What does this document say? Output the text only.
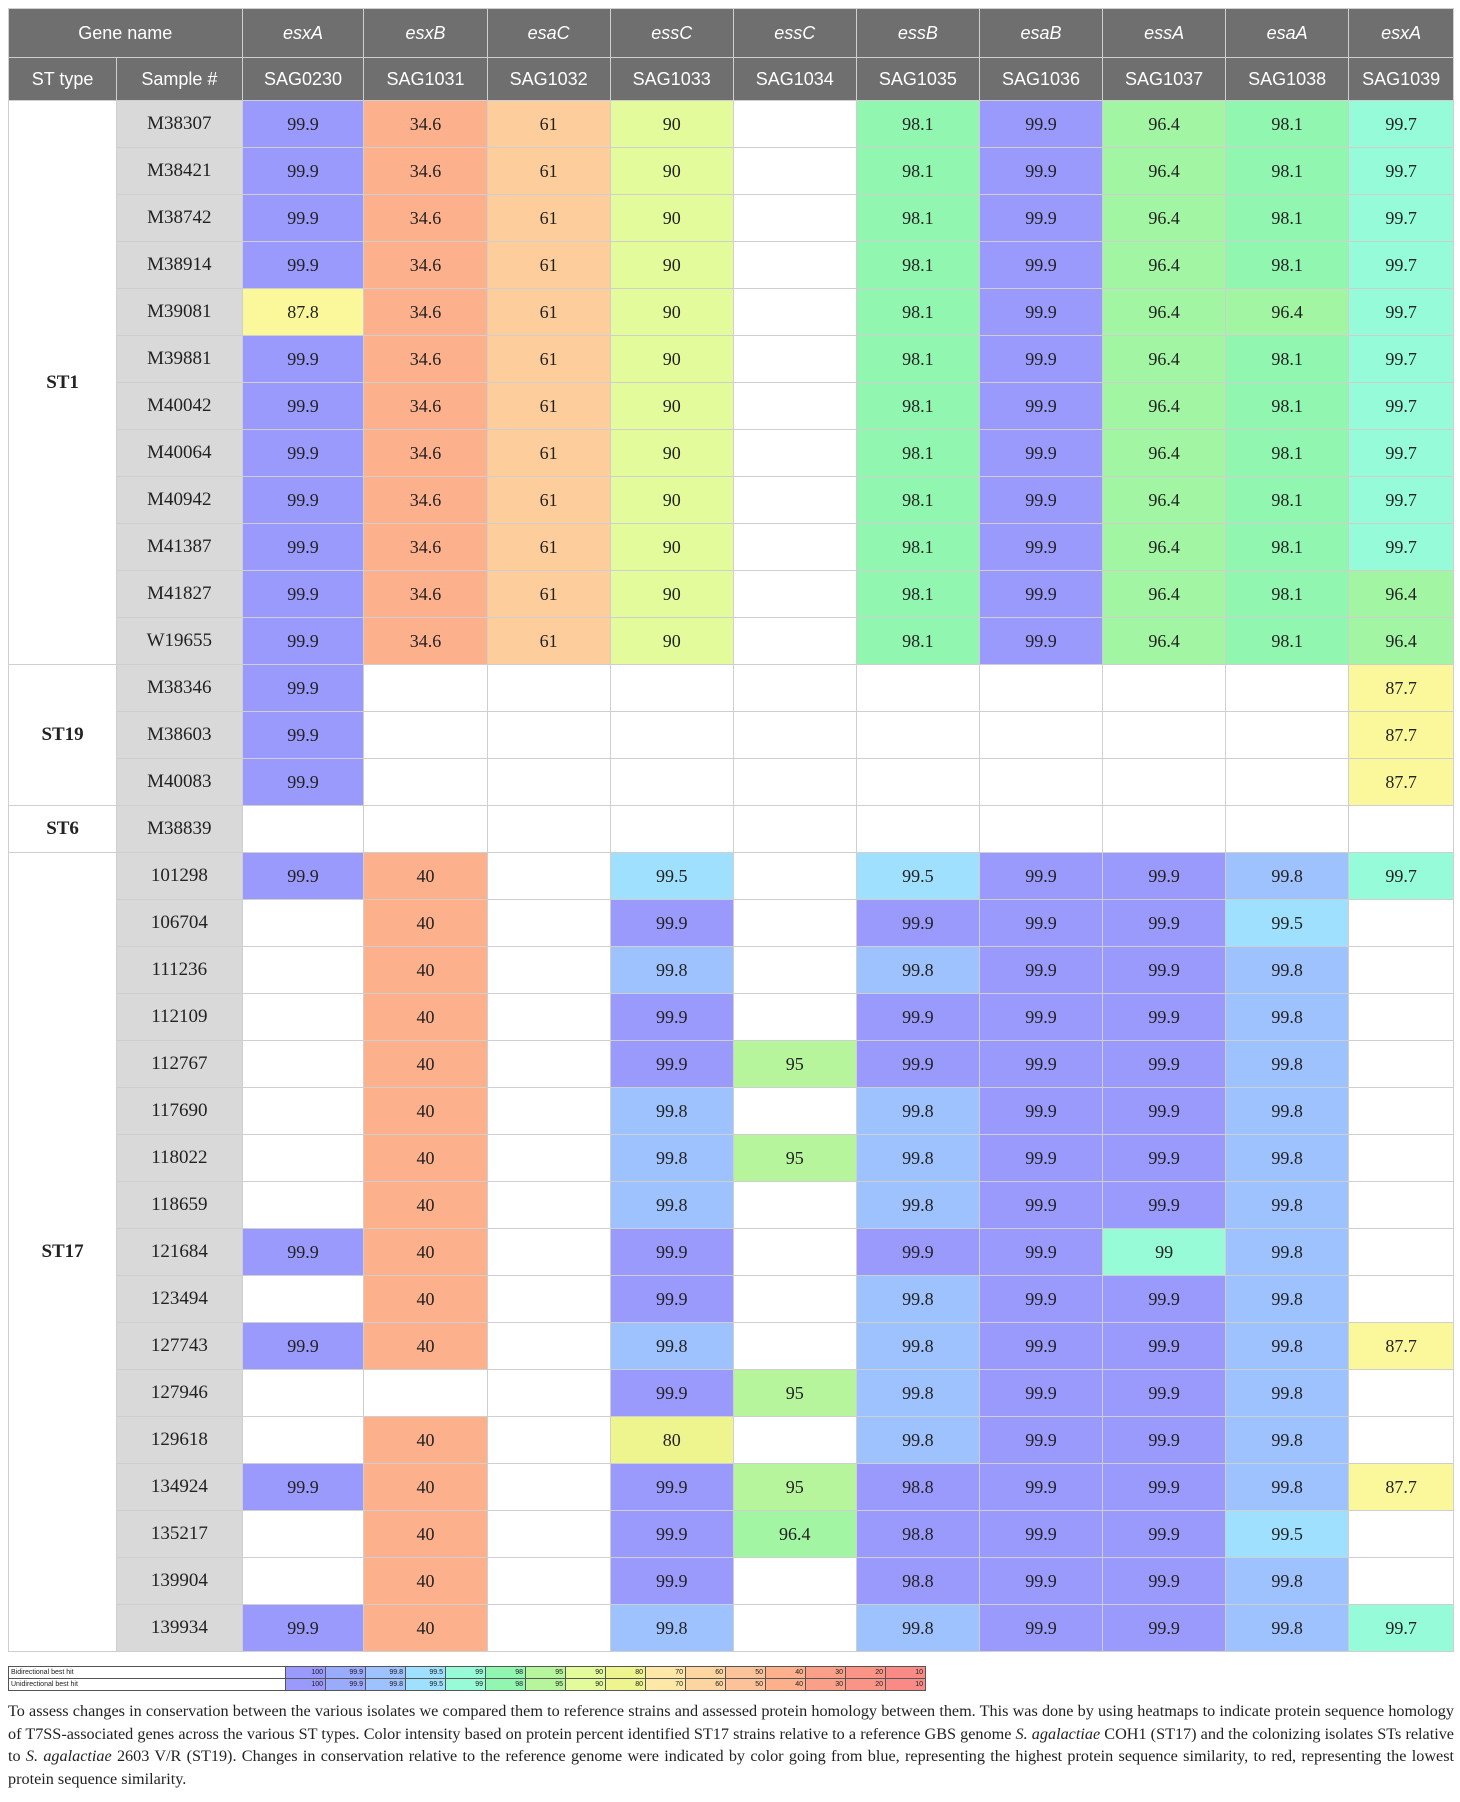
Gene name		esxA	esxB	esaC	essC	essC	essB	esaB	essA	esaA	esxA
ST type	Sample #	SAG0230	SAG1031	SAG1032	SAG1033	SAG1034	SAG1035	SAG1036	SAG1037	SAG1038	SAG1039
ST1	M38307	99.9	34.6	61	90		98.1	99.9	96.4	98.1	99.7
	M38421	99.9	34.6	61	90		98.1	99.9	96.4	98.1	99.7
	M38742	99.9	34.6	61	90		98.1	99.9	96.4	98.1	99.7
	M38914	99.9	34.6	61	90		98.1	99.9	96.4	98.1	99.7
	M39081	87.8	34.6	61	90		98.1	99.9	96.4	96.4	99.7
	M39881	99.9	34.6	61	90		98.1	99.9	96.4	98.1	99.7
	M40042	99.9	34.6	61	90		98.1	99.9	96.4	98.1	99.7
	M40064	99.9	34.6	61	90		98.1	99.9	96.4	98.1	99.7
	M40942	99.9	34.6	61	90		98.1	99.9	96.4	98.1	99.7
	M41387	99.9	34.6	61	90		98.1	99.9	96.4	98.1	99.7
	M41827	99.9	34.6	61	90		98.1	99.9	96.4	98.1	96.4
	W19655	99.9	34.6	61	90		98.1	99.9	96.4	98.1	96.4
ST19	M38346	99.9									87.7
	M38603	99.9									87.7
	M40083	99.9									87.7
ST6	M38839										
ST17	101298	99.9	40		99.5		99.5	99.9	99.9	99.8	99.7
	106704		40		99.9		99.9	99.9	99.9	99.5	
	111236		40		99.8		99.8	99.9	99.9	99.8	
	112109		40		99.9		99.9	99.9	99.9	99.8	
	112767		40		99.9	95	99.9	99.9	99.9	99.8	
	117690		40		99.8		99.8	99.9	99.9	99.8	
	118022		40		99.8	95	99.8	99.9	99.9	99.8	
	118659		40		99.8		99.8	99.9	99.9	99.8	
	121684	99.9	40		99.9		99.9	99.9	99	99.8	
	123494		40		99.9		99.8	99.9	99.9	99.8	
	127743	99.9	40		99.8		99.8	99.9	99.9	99.8	87.7
	127946				99.9	95	99.8	99.9	99.9	99.8	
	129618		40		80		99.8	99.9	99.9	99.8	
	134924	99.9	40		99.9	95	98.8	99.9	99.9	99.8	87.7
	135217		40		99.9	96.4	98.8	99.9	99.9	99.5	
	139904		40		99.9		98.8	99.9	99.9	99.8	
	139934	99.9	40		99.8		99.8	99.9	99.9	99.8	99.7
Bidirectional best hit	100	99.9	99.8	99.5	99	98	95	90	80	70	60	50	40	30	20	10
Unidirectional best hit	100	99.9	99.8	99.5	99	98	95	90	80	70	60	50	40	30	20	10
To assess changes in conservation between the various isolates we compared them to reference strains and assessed protein homology between them. This was done by using heatmaps to indicate protein sequence homology of T7SS-associated genes across the various ST types. Color intensity based on protein percent identified ST17 strains relative to a reference GBS genome S. agalactiae COH1 (ST17) and the colonizing isolates STs relative to S. agalactiae 2603 V/R (ST19). Changes in conservation relative to the reference genome were indicated by color going from blue, representing the highest protein sequence similarity, to red, representing the lowest protein sequence similarity.
